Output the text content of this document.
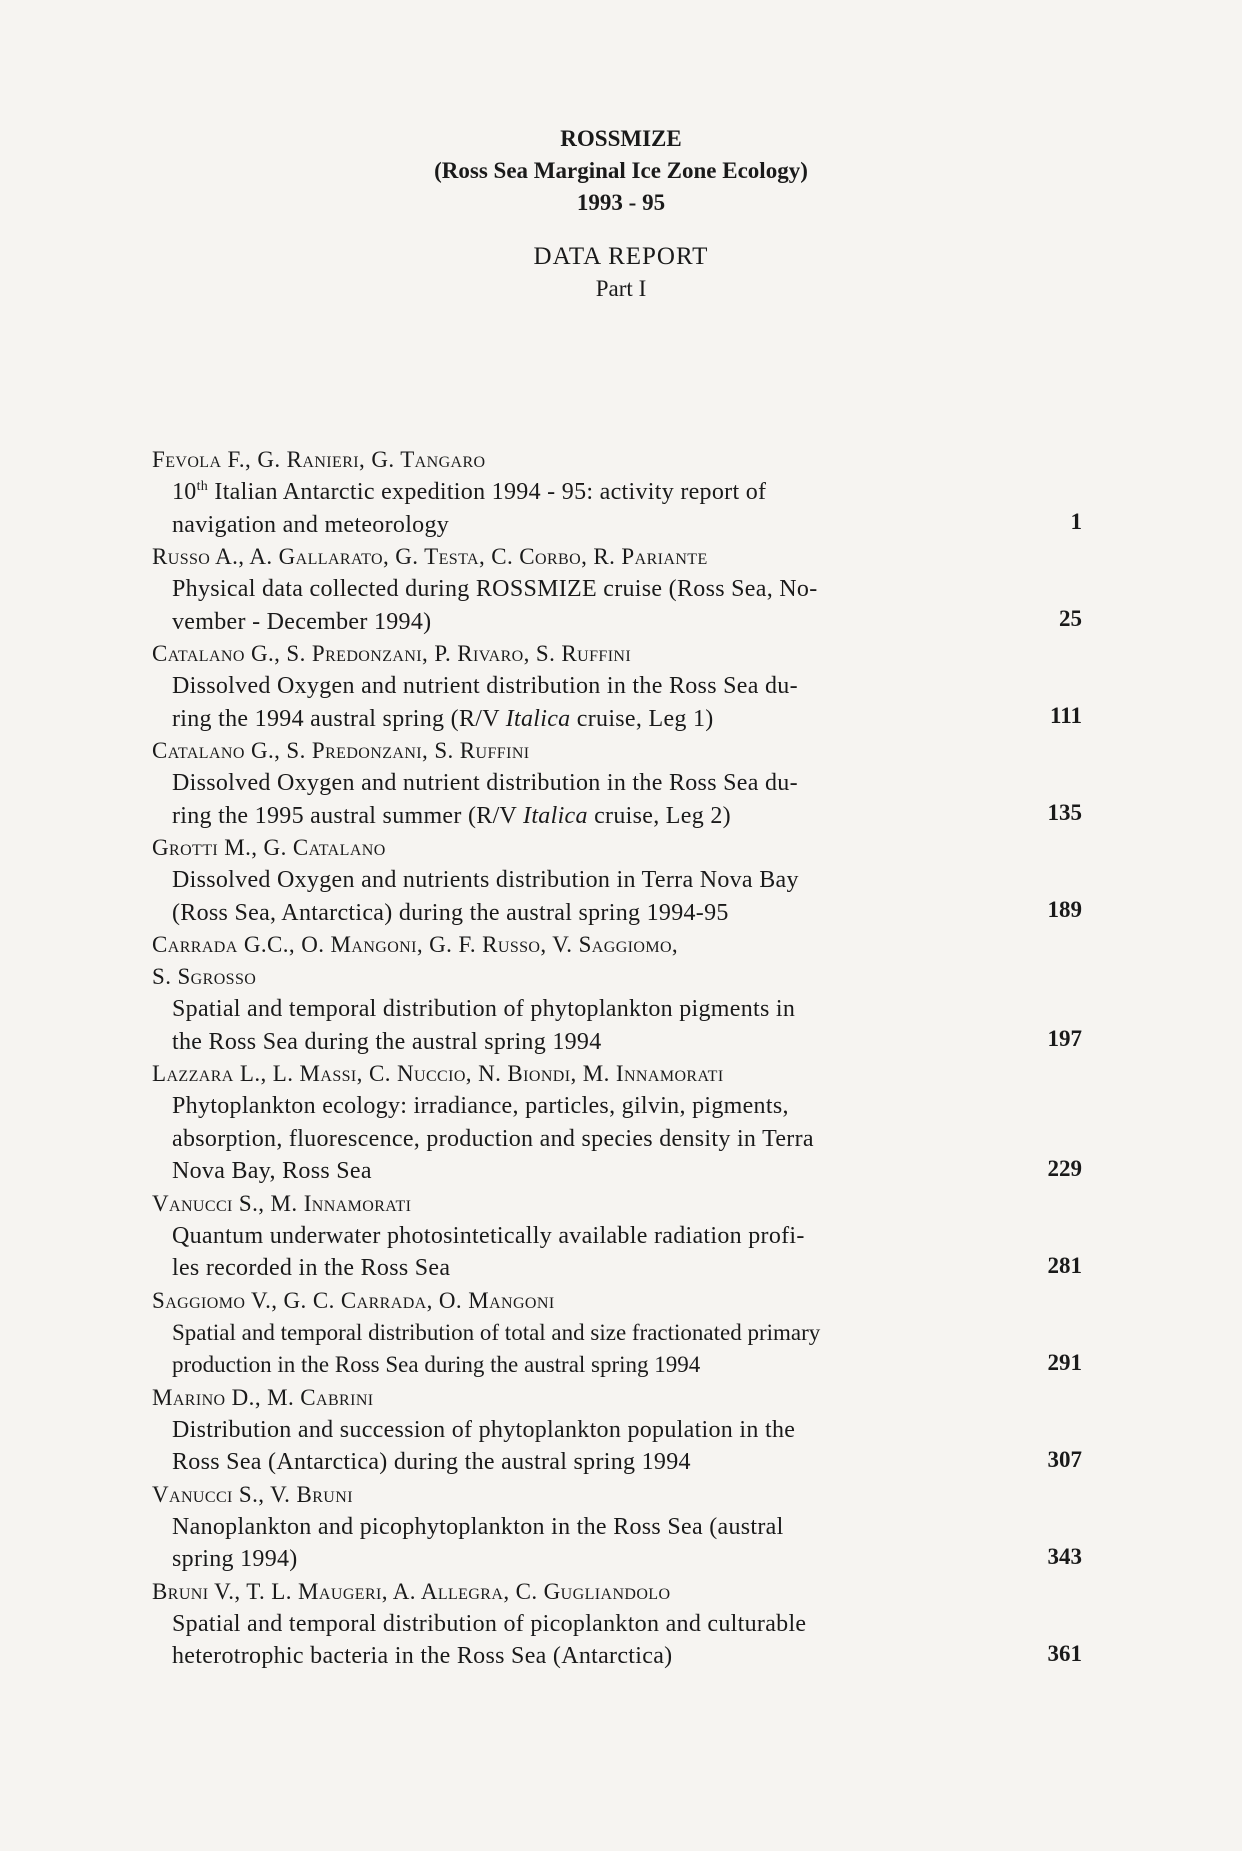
ROSSMIZE
(Ross Sea Marginal Ice Zone Ecology)
1993 - 95
DATA REPORT
Part I
Fevola F., G. Ranieri, G. Tangaro
10th Italian Antarctic expedition 1994 - 95: activity report of
navigation and meteorology	1
Russo A., A. Gallarato, G. Testa, C. Corbo, R. Pariante
Physical data collected during ROSSMIZE cruise (Ross Sea, No-
vember - December 1994)	25
Catalano G., S. Predonzani, P. Rivaro, S. Ruffini
Dissolved Oxygen and nutrient distribution in the Ross Sea du-
ring the 1994 austral spring (R/V Italica cruise, Leg 1)	111
Catalano G., S. Predonzani, S. Ruffini
Dissolved Oxygen and nutrient distribution in the Ross Sea du-
ring the 1995 austral summer (R/V Italica cruise, Leg 2)	135
Grotti M., G. Catalano
Dissolved Oxygen and nutrients distribution in Terra Nova Bay
(Ross Sea, Antarctica) during the austral spring 1994-95	189
Carrada G.C., O. Mangoni, G. F. Russo, V. Saggiomo,
S. Sgrosso
Spatial and temporal distribution of phytoplankton pigments in
the Ross Sea during the austral spring 1994	197
Lazzara L., L. Massi, C. Nuccio, N. Biondi, M. Innamorati
Phytoplankton ecology: irradiance, particles, gilvin, pigments,
absorption, fluorescence, production and species density in Terra
Nova Bay, Ross Sea	229
Vanucci S., M. Innamorati
Quantum underwater photosintetically available radiation profi-
les recorded in the Ross Sea	281
Saggiomo V., G. C. Carrada, O. Mangoni
Spatial and temporal distribution of total and size fractionated primary
production in the Ross Sea during the austral spring 1994	291
Marino D., M. Cabrini
Distribution and succession of phytoplankton population in the
Ross Sea (Antarctica) during the austral spring 1994	307
Vanucci S., V. Bruni
Nanoplankton and picophytoplankton in the Ross Sea (austral
spring 1994)	343
Bruni V., T. L. Maugeri, A. Allegra, C. Gugliandolo
Spatial and temporal distribution of picoplankton and culturable
heterotrophic bacteria in the Ross Sea (Antarctica)	361
